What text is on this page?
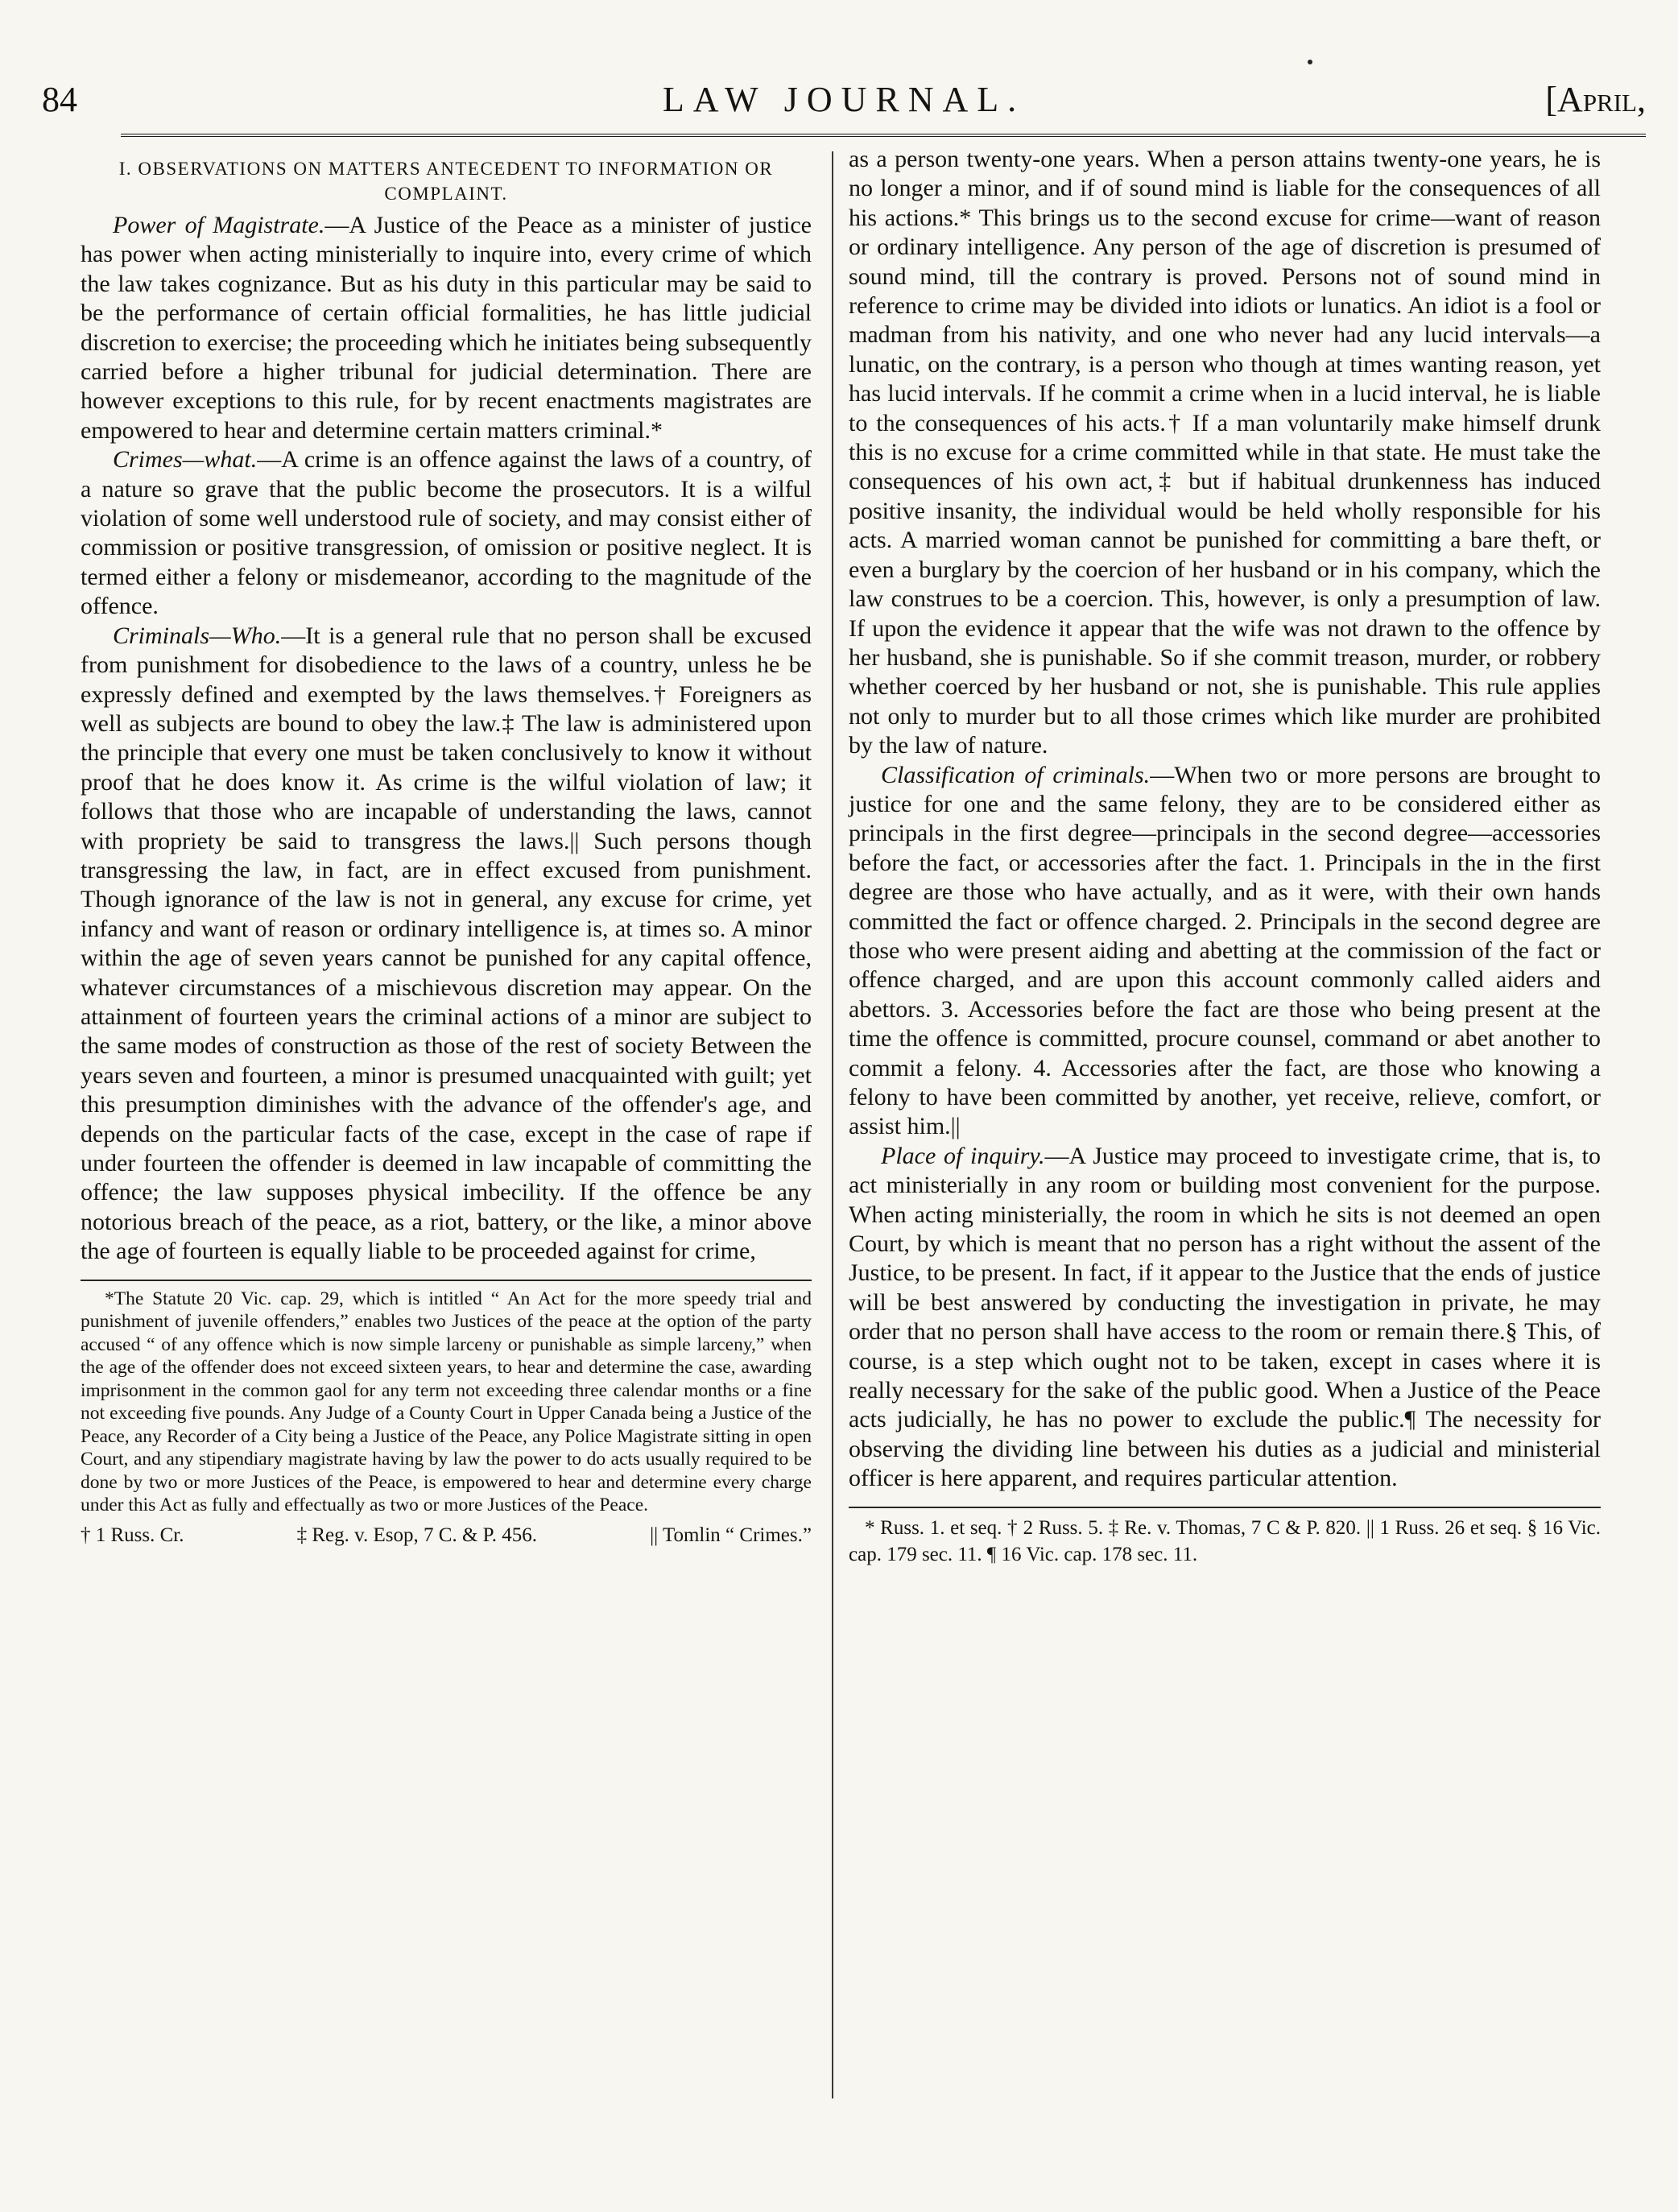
84	LAW JOURNAL.	[April,
I. OBSERVATIONS ON MATTERS ANTECEDENT TO INFORMATION OR COMPLAINT.

Power of Magistrate.—A Justice of the Peace as a minister of justice has power when acting ministerially to inquire into, every crime of which the law takes cognizance. But as his duty in this particular may be said to be the performance of certain official formalities, he has little judicial discretion to exercise; the proceeding which he initiates being subsequently carried before a higher tribunal for judicial determination. There are however exceptions to this rule, for by recent enactments magistrates are empowered to hear and determine certain matters criminal.*

Crimes—what.—A crime is an offence against the laws of a country, of a nature so grave that the public become the prosecutors. It is a wilful violation of some well understood rule of society, and may consist either of commission or positive transgression, of omission or positive neglect. It is termed either a felony or misdemeanor, according to the magnitude of the offence.

Criminals—Who.—It is a general rule that no person shall be excused from punishment for disobedience to the laws of a country, unless he be expressly defined and exempted by the laws themselves.† Foreigners as well as subjects are bound to obey the law.‡ The law is administered upon the principle that every one must be taken conclusively to know it without proof that he does know it. As crime is the wilful violation of law; it follows that those who are incapable of understanding the laws, cannot with propriety be said to transgress the laws.|| Such persons though transgressing the law, in fact, are in effect excused from punishment. Though ignorance of the law is not in general, any excuse for crime, yet infancy and want of reason or ordinary intelligence is, at times so. A minor within the age of seven years cannot be punished for any capital offence, whatever circumstances of a mischievous discretion may appear. On the attainment of fourteen years the criminal actions of a minor are subject to the same modes of construction as those of the rest of society Between the years seven and fourteen, a minor is presumed unacquainted with guilt; yet this presumption diminishes with the advance of the offender's age, and depends on the particular facts of the case, except in the case of rape if under fourteen the offender is deemed in law incapable of committing the offence; the law supposes physical imbecility. If the offence be any notorious breach of the peace, as a riot, battery, or the like, a minor above the age of fourteen is equally liable to be proceeded against for crime,

*The Statute 20 Vic. cap. 29, which is intitled “ An Act for the more speedy trial and punishment of juvenile offenders,” enables two Justices of the peace at the option of the party accused “ of any offence which is now simple larceny or punishable as simple larceny,” when the age of the offender does not exceed sixteen years, to hear and determine the case, awarding imprisonment in the common gaol for any term not exceeding three calendar months or a fine not exceeding five pounds. Any Judge of a County Court in Upper Canada being a Justice of the Peace, any Recorder of a City being a Justice of the Peace, any Police Magistrate sitting in open Court, and any stipendiary magistrate having by law the power to do acts usually required to be done by two or more Justices of the Peace, is empowered to hear and determine every charge under this Act as fully and effectually as two or more Justices of the Peace.

† 1 Russ. Cr.	‡ Reg. v. Esop, 7 C. & P. 456.	|| Tomlin “ Crimes.”

as a person twenty-one years. When a person attains twenty-one years, he is no longer a minor, and if of sound mind is liable for the consequences of all his actions.* This brings us to the second excuse for crime—want of reason or ordinary intelligence. Any person of the age of discretion is presumed of sound mind, till the contrary is proved. Persons not of sound mind in reference to crime may be divided into idiots or lunatics. An idiot is a fool or madman from his nativity, and one who never had any lucid intervals—a lunatic, on the contrary, is a person who though at times wanting reason, yet has lucid intervals. If he commit a crime when in a lucid interval, he is liable to the consequences of his acts.† If a man voluntarily make himself drunk this is no excuse for a crime committed while in that state. He must take the consequences of his own act,‡ but if habitual drunkenness has induced positive insanity, the individual would be held wholly responsible for his acts. A married woman cannot be punished for committing a bare theft, or even a burglary by the coercion of her husband or in his company, which the law construes to be a coercion. This, however, is only a presumption of law. If upon the evidence it appear that the wife was not drawn to the offence by her husband, she is punishable. So if she commit treason, murder, or robbery whether coerced by her husband or not, she is punishable. This rule applies not only to murder but to all those crimes which like murder are prohibited by the law of nature.

Classification of criminals.—When two or more persons are brought to justice for one and the same felony, they are to be considered either as principals in the first degree—principals in the second degree—accessories before the fact, or accessories after the fact. 1. Principals in the in the first degree are those who have actually, and as it were, with their own hands committed the fact or offence charged. 2. Principals in the second degree are those who were present aiding and abetting at the commission of the fact or offence charged, and are upon this account commonly called aiders and abettors. 3. Accessories before the fact are those who being present at the time the offence is committed, procure counsel, command or abet another to commit a felony. 4. Accessories after the fact, are those who knowing a felony to have been committed by another, yet receive, relieve, comfort, or assist him.||

Place of inquiry.—A Justice may proceed to investigate crime, that is, to act ministerially in any room or building most convenient for the purpose. When acting ministerially, the room in which he sits is not deemed an open Court, by which is meant that no person has a right without the assent of the Justice, to be present. In fact, if it appear to the Justice that the ends of justice will be best answered by conducting the investigation in private, he may order that no person shall have access to the room or remain there.§ This, of course, is a step which ought not to be taken, except in cases where it is really necessary for the sake of the public good. When a Justice of the Peace acts judicially, he has no power to exclude the public.¶ The necessity for observing the dividing line between his duties as a judicial and ministerial officer is here apparent, and requires particular attention.

* Russ. 1. et seq. † 2 Russ. 5. ‡ Re. v. Thomas, 7 C & P. 820. || 1 Russ. 26 et seq. § 16 Vic. cap. 179 sec. 11. ¶ 16 Vic. cap. 178 sec. 11.
